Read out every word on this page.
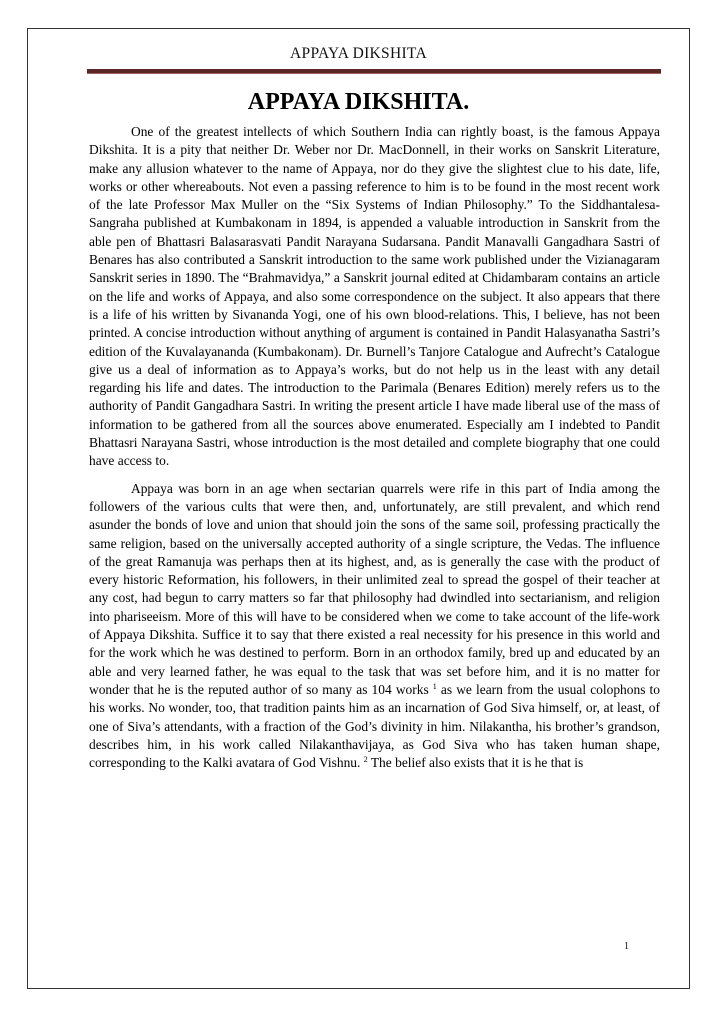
APPAYA DIKSHITA
APPAYA DIKSHITA.

One of the greatest intellects of which Southern India can rightly boast, is the famous Appaya Dikshita. It is a pity that neither Dr. Weber nor Dr. MacDonnell, in their works on Sanskrit Literature, make any allusion whatever to the name of Appaya, nor do they give the slightest clue to his date, life, works or other whereabouts. Not even a passing reference to him is to be found in the most recent work of the late Professor Max Muller on the “Six Systems of Indian Philosophy.” To the Siddhantalesa-Sangraha published at Kumbakonam in 1894, is appended a valuable introduction in Sanskrit from the able pen of Bhattasri Balasarasvati Pandit Narayana Sudarsana. Pandit Manavalli Gangadhara Sastri of Benares has also contributed a Sanskrit introduction to the same work published under the Vizianagaram Sanskrit series in 1890. The “Brahmavidya,” a Sanskrit journal edited at Chidambaram contains an article on the life and works of Appaya, and also some correspondence on the subject. It also appears that there is a life of his written by Sivananda Yogi, one of his own blood-relations. This, I believe, has not been printed. A concise introduction without anything of argument is contained in Pandit Halasyanatha Sastri’s edition of the Kuvalayananda (Kumbakonam). Dr. Burnell’s Tanjore Catalogue and Aufrecht’s Catalogue give us a deal of information as to Appaya’s works, but do not help us in the least with any detail regarding his life and dates. The introduction to the Parimala (Benares Edition) merely refers us to the authority of Pandit Gangadhara Sastri. In writing the present article I have made liberal use of the mass of information to be gathered from all the sources above enumerated. Especially am I indebted to Pandit Bhattasri Narayana Sastri, whose introduction is the most detailed and complete biography that one could have access to.

Appaya was born in an age when sectarian quarrels were rife in this part of India among the followers of the various cults that were then, and, unfortunately, are still prevalent, and which rend asunder the bonds of love and union that should join the sons of the same soil, professing practically the same religion, based on the universally accepted authority of a single scripture, the Vedas. The influence of the great Ramanuja was perhaps then at its highest, and, as is generally the case with the product of every historic Reformation, his followers, in their unlimited zeal to spread the gospel of their teacher at any cost, had begun to carry matters so far that philosophy had dwindled into sectarianism, and religion into phariseeism. More of this will have to be considered when we come to take account of the life-work of Appaya Dikshita. Suffice it to say that there existed a real necessity for his presence in this world and for the work which he was destined to perform. Born in an orthodox family, bred up and educated by an able and very learned father, he was equal to the task that was set before him, and it is no matter for wonder that he is the reputed author of so many as 104 works $^1$ as we learn from the usual colophons to his works. No wonder, too, that tradition paints him as an incarnation of God Siva himself, or, at least, of one of Siva’s attendants, with a fraction of the God’s divinity in him. Nilakantha, his brother’s grandson, describes him, in his work called Nilakanthavijaya, as God Siva who has taken human shape, corresponding to the Kalki avatara of God Vishnu. $^2$ The belief also exists that it is he that is

1
